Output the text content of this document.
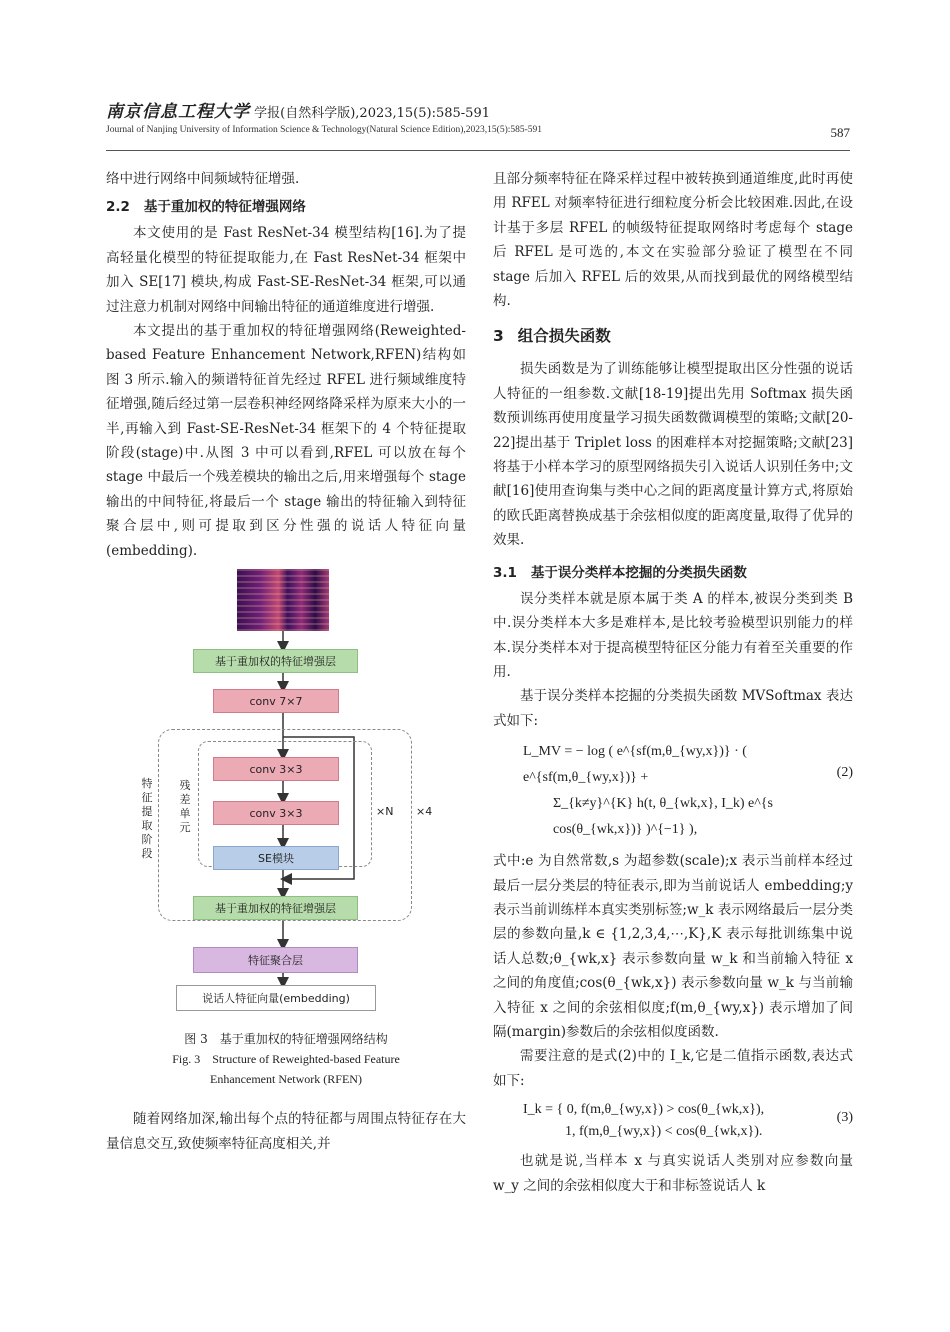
南京信息工程大学 学报(自然科学版),2023,15(5):585-591
Journal of Nanjing University of Information Science & Technology(Natural Science Edition),2023,15(5):585-591	587

络中进行网络中间频域特征增强.

2.2 基于重加权的特征增强网络

本文使用的是 Fast ResNet-34 模型结构[16].为了提高轻量化模型的特征提取能力,在 Fast ResNet-34 框架中加入 SE[17] 模块,构成 Fast-SE-ResNet-34 框架,可以通过注意力机制对网络中间输出特征的通道维度进行增强.

本文提出的基于重加权的特征增强网络(Reweighted-based Feature Enhancement Network,RFEN)结构如图 3 所示.输入的频谱特征首先经过 RFEL 进行频域维度特征增强,随后经过第一层卷积神经网络降采样为原来大小的一半,再输入到 Fast-SE-ResNet-34 框架下的 4 个特征提取阶段(stage)中.从图 3 中可以看到,RFEL 可以放在每个 stage 中最后一个残差模块的输出之后,用来增强每个 stage 输出的中间特征,将最后一个 stage 输出的特征输入到特征聚合层中,则可提取到区分性强的说话人特征向量(embedding).

基于重加权的特征增强层
conv 7×7
conv 3×3
conv 3×3
SE模块
基于重加权的特征增强层
特征聚合层
说话人特征向量(embedding)
特征提取阶段
残差单元
×N ×4
图 3　基于重加权的特征增强网络结构
Fig. 3　Structure of Reweighted-based Feature
Enhancement Network (RFEN)

随着网络加深,输出每个点的特征都与周围点特征存在大量信息交互,致使频率特征高度相关,并

且部分频率特征在降采样过程中被转换到通道维度,此时再使用 RFEL 对频率特征进行细粒度分析会比较困难.因此,在设计基于多层 RFEL 的帧级特征提取网络时考虑每个 stage 后 RFEL 是可选的,本文在实验部分验证了模型在不同 stage 后加入 RFEL 后的效果,从而找到最优的网络模型结构.

3 组合损失函数

损失函数是为了训练能够让模型提取出区分性强的说话人特征的一组参数.文献[18-19]提出先用 Softmax 损失函数预训练再使用度量学习损失函数微调模型的策略;文献[20-22]提出基于 Triplet loss 的困难样本对挖掘策略;文献[23]将基于小样本学习的原型网络损失引入说话人识别任务中;文献[16]使用查询集与类中心之间的距离度量计算方式,将原始的欧氏距离替换成基于余弦相似度的距离度量,取得了优异的效果.

3.1 基于误分类样本挖掘的分类损失函数

误分类样本就是原本属于类 A 的样本,被误分类到类 B 中.误分类样本大多是难样本,是比较考验模型识别能力的样本.误分类样本对于提高模型特征区分能力有着至关重要的作用.

基于误分类样本挖掘的分类损失函数 MVSoftmax 表达式如下:

L_MV = − log ( e^{sf(m,θ_{wy,x})} · ( e^{sf(m,θ_{wy,x})} +
Σ_{k≠y}^{K} h(t, θ_{wk,x}, I_k) e^{s cos(θ_{wk,x})} )^{−1} ),
(2)

式中:e 为自然常数,s 为超参数(scale);x 表示当前样本经过最后一层分类层的特征表示,即为当前说话人 embedding;y 表示当前训练样本真实类别标签;w_k 表示网络最后一层分类层的参数向量,k ∈ {1,2,3,4,⋯,K},K 表示每批训练集中说话人总数;θ_{wk,x} 表示参数向量 w_k 和当前输入特征 x 之间的角度值;cos(θ_{wk,x}) 表示参数向量 w_k 与当前输入特征 x 之间的余弦相似度;f(m,θ_{wy,x}) 表示增加了间隔(margin)参数后的余弦相似度函数.

需要注意的是式(2)中的 I_k,它是二值指示函数,表达式如下:

I_k = { 0, f(m,θ_{wy,x}) > cos(θ_{wk,x}),
1, f(m,θ_{wy,x}) < cos(θ_{wk,x}).
(3)

也就是说,当样本 x 与真实说话人类别对应参数向量 w_y 之间的余弦相似度大于和非标签说话人 k
